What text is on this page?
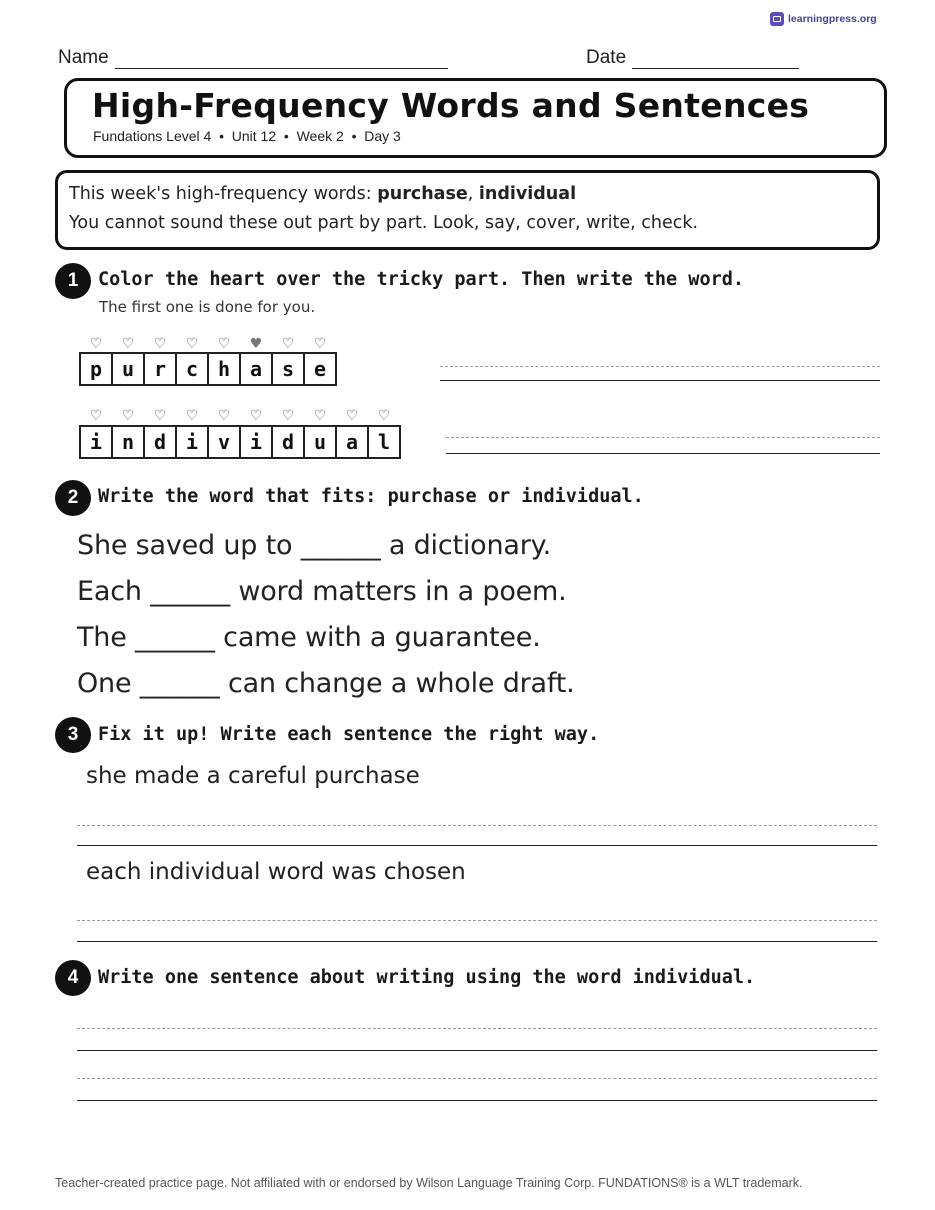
learningpress.org
Name	Date
High-Frequency Words and Sentences
Fundations Level 4  •  Unit 12  •  Week 2  •  Day 3
This week's high-frequency words: purchase, individual
You cannot sound these out part by part. Look, say, cover, write, check.
1	Color the heart over the tricky part. Then write the word.
The first one is done for you.
♡	♡	♡	♡	♡	♥	♡	♡
p u r c h a s e
♡	♡	♡	♡	♡	♡	♡	♡	♡	♡
i n d i v i d u a l
2	Write the word that fits: purchase or individual.
She saved up to ______ a dictionary.
Each ______ word matters in a poem.
The ______ came with a guarantee.
One ______ can change a whole draft.
3	Fix it up! Write each sentence the right way.
she made a careful purchase
each individual word was chosen
4	Write one sentence about writing using the word individual.
Teacher-created practice page. Not affiliated with or endorsed by Wilson Language Training Corp. FUNDATIONS® is a WLT trademark.
